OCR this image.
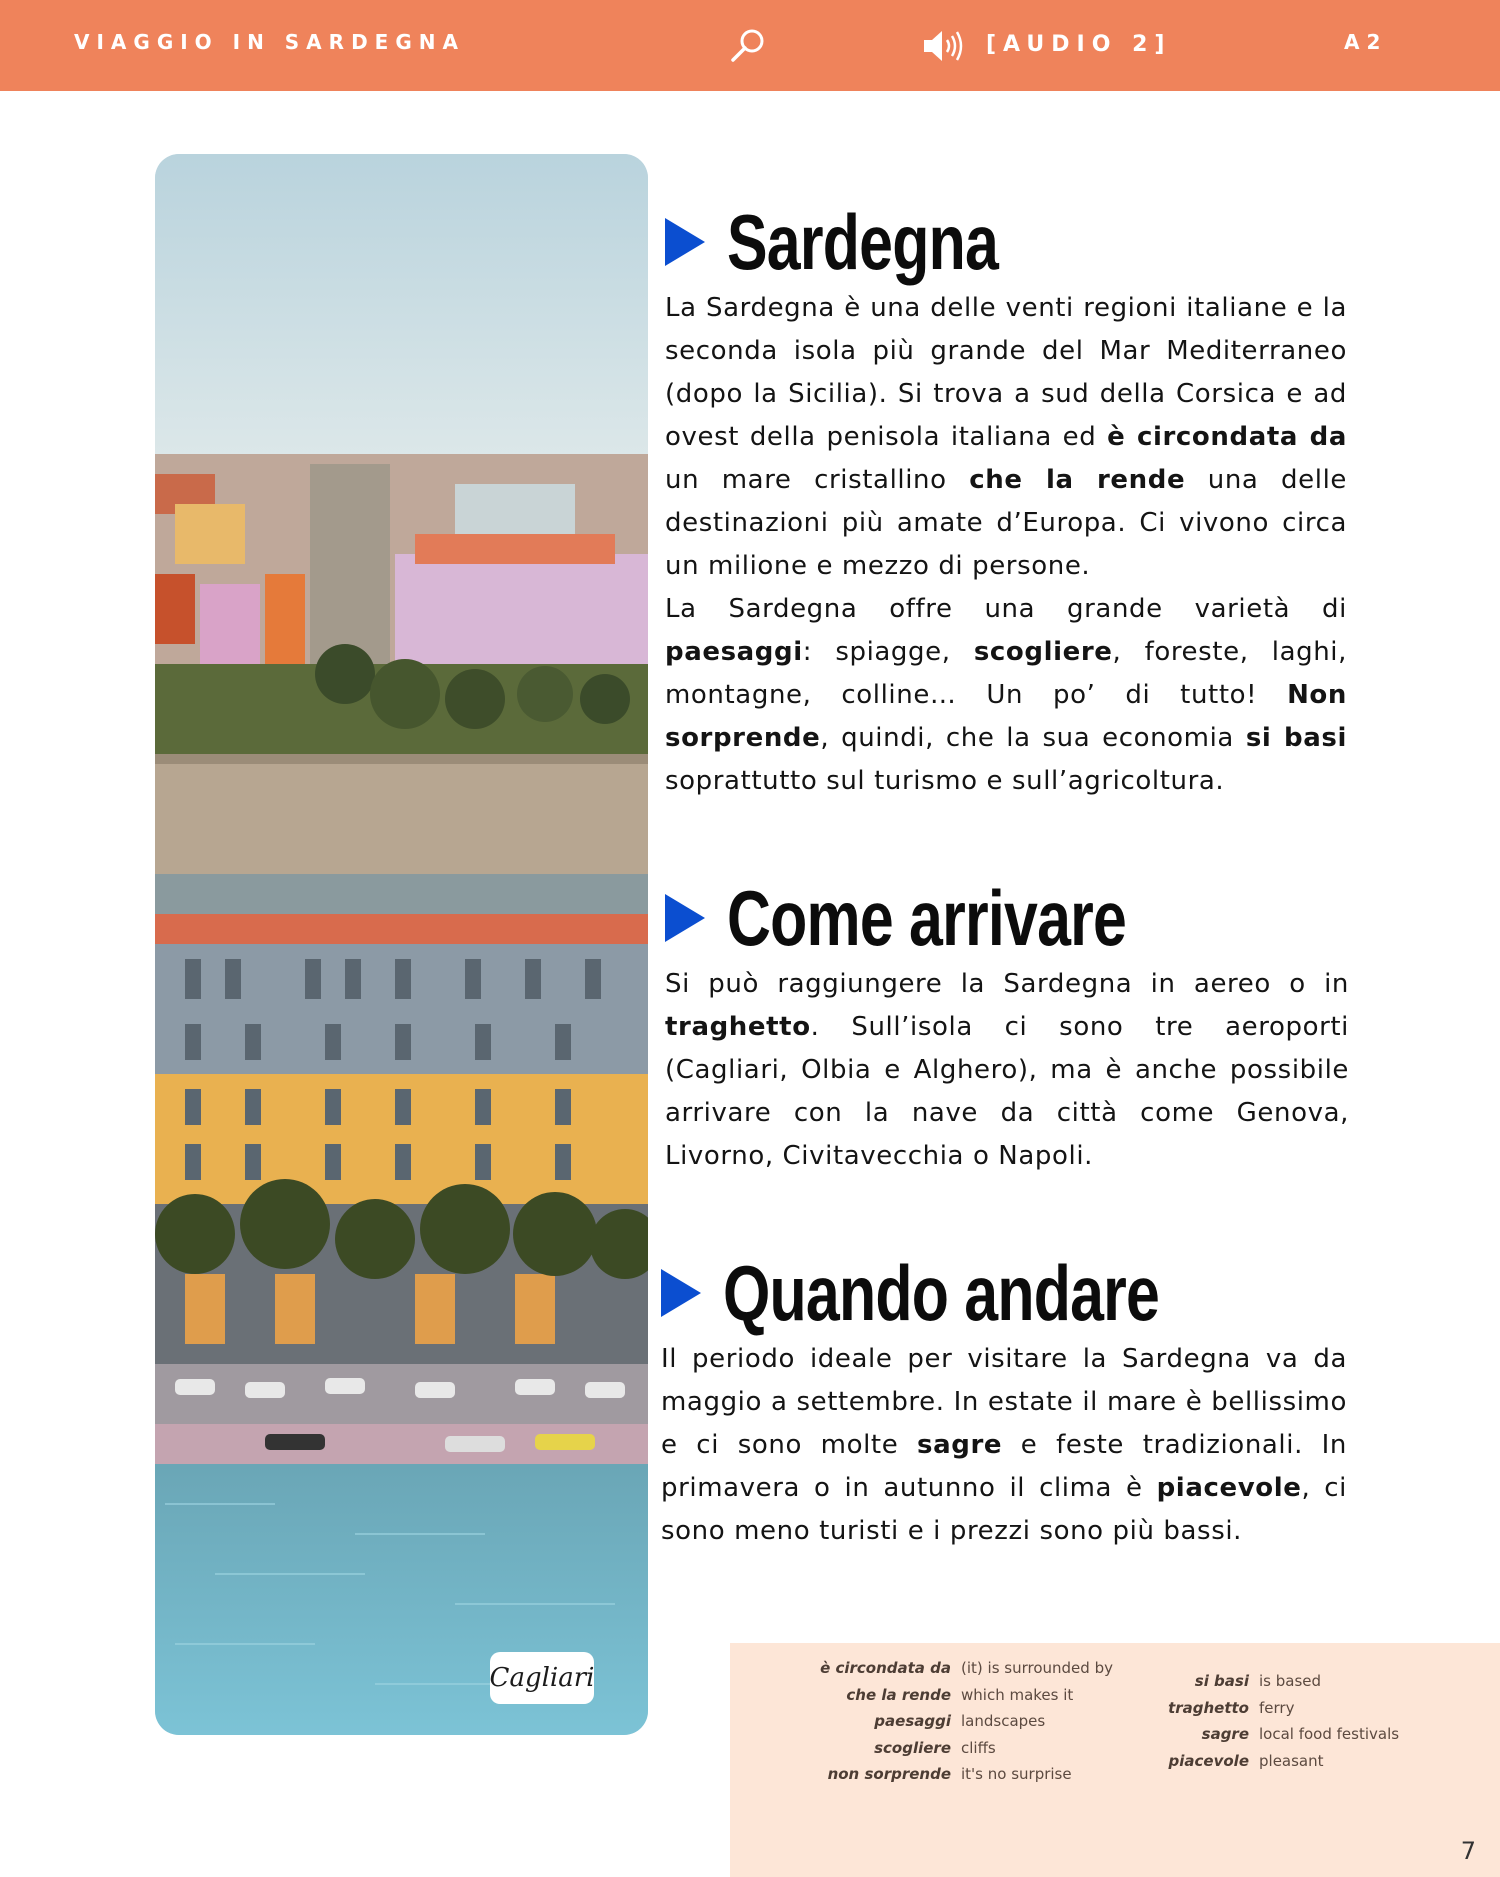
VIAGGIO IN SARDEGNA	[AUDIO 2]	A2
Cagliari
Sardegna

La Sardegna è una delle venti regioni italiane e la seconda isola più grande del Mar Mediterraneo (dopo la Sicilia). Si trova a sud della Corsica e ad ovest della penisola italiana ed è circondata da un mare cristallino che la rende una delle destinazioni più amate d’Europa. Ci vivono circa un milione e mezzo di persone.

La Sardegna offre una grande varietà di paesaggi: spiagge, scogliere, foreste, laghi, montagne, colline… Un po’ di tutto! Non sorprende, quindi, che la sua economia si basi soprattutto sul turismo e sull’agricoltura.

Come arrivare

Si può raggiungere la Sardegna in aereo o in traghetto. Sull’isola ci sono tre aeroporti (Cagliari, Olbia e Alghero), ma è anche possibile arrivare con la nave da città come Genova, Livorno, Civitavecchia o Napoli.

Quando andare

Il periodo ideale per visitare la Sardegna va da maggio a settembre. In estate il mare è bellissimo e ci sono molte sagre e feste tradizionali. In primavera o in autunno il clima è piacevole, ci sono meno turisti e i prezzi sono più bassi.

è circondata da (it) is surrounded by
che la rende which makes it
paesaggi landscapes
scogliere cliffs
non sorprende it's no surprise
si basi is based
traghetto ferry
sagre local food festivals
piacevole pleasant
7
